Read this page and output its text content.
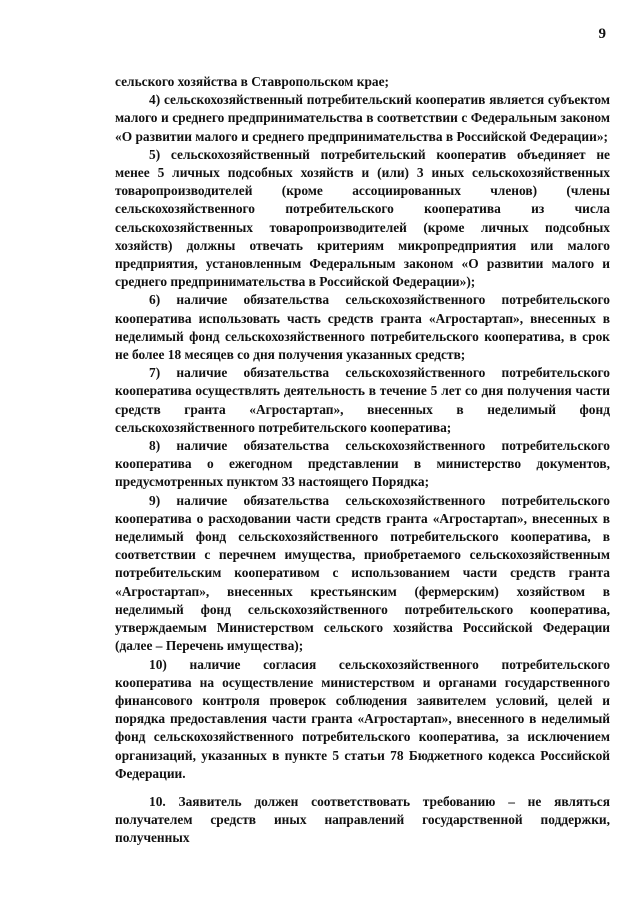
9

сельского хозяйства в Ставропольском крае;

4) сельскохозяйственный потребительский кооператив является субъектом малого и среднего предпринимательства в соответствии с Федеральным законом «О развитии малого и среднего предпринимательства в Российской Федерации»;

5) сельскохозяйственный потребительский кооператив объединяет не менее 5 личных подсобных хозяйств и (или) 3 иных сельскохозяйственных товаропроизводителей (кроме ассоциированных членов) (члены сельскохозяйственного потребительского кооператива из числа сельскохозяйственных товаропроизводителей (кроме личных подсобных хозяйств) должны отвечать критериям микропредприятия или малого предприятия, установленным Федеральным законом «О развитии малого и среднего предпринимательства в Российской Федерации»);

6) наличие обязательства сельскохозяйственного потребительского кооператива использовать часть средств гранта «Агростартап», внесенных в неделимый фонд сельскохозяйственного потребительского кооператива, в срок не более 18 месяцев со дня получения указанных средств;

7) наличие обязательства сельскохозяйственного потребительского кооператива осуществлять деятельность в течение 5 лет со дня получения части средств гранта «Агростартап», внесенных в неделимый фонд сельскохозяйственного потребительского кооператива;

8) наличие обязательства сельскохозяйственного потребительского кооператива о ежегодном представлении в министерство документов, предусмотренных пунктом 33 настоящего Порядка;

9) наличие обязательства сельскохозяйственного потребительского кооператива о расходовании части средств гранта «Агростартап», внесенных в неделимый фонд сельскохозяйственного потребительского кооператива, в соответствии с перечнем имущества, приобретаемого сельскохозяйственным потребительским кооперативом с использованием части средств гранта «Агростартап», внесенных крестьянским (фермерским) хозяйством в неделимый фонд сельскохозяйственного потребительского кооператива, утверждаемым Министерством сельского хозяйства Российской Федерации (далее – Перечень имущества);

10) наличие согласия сельскохозяйственного потребительского кооператива на осуществление министерством и органами государственного финансового контроля проверок соблюдения заявителем условий, целей и порядка предоставления части гранта «Агростартап», внесенного в неделимый фонд сельскохозяйственного потребительского кооператива, за исключением организаций, указанных в пункте 5 статьи 78 Бюджетного кодекса Российской Федерации.

10. Заявитель должен соответствовать требованию – не являться получателем средств иных направлений государственной поддержки, полученных
